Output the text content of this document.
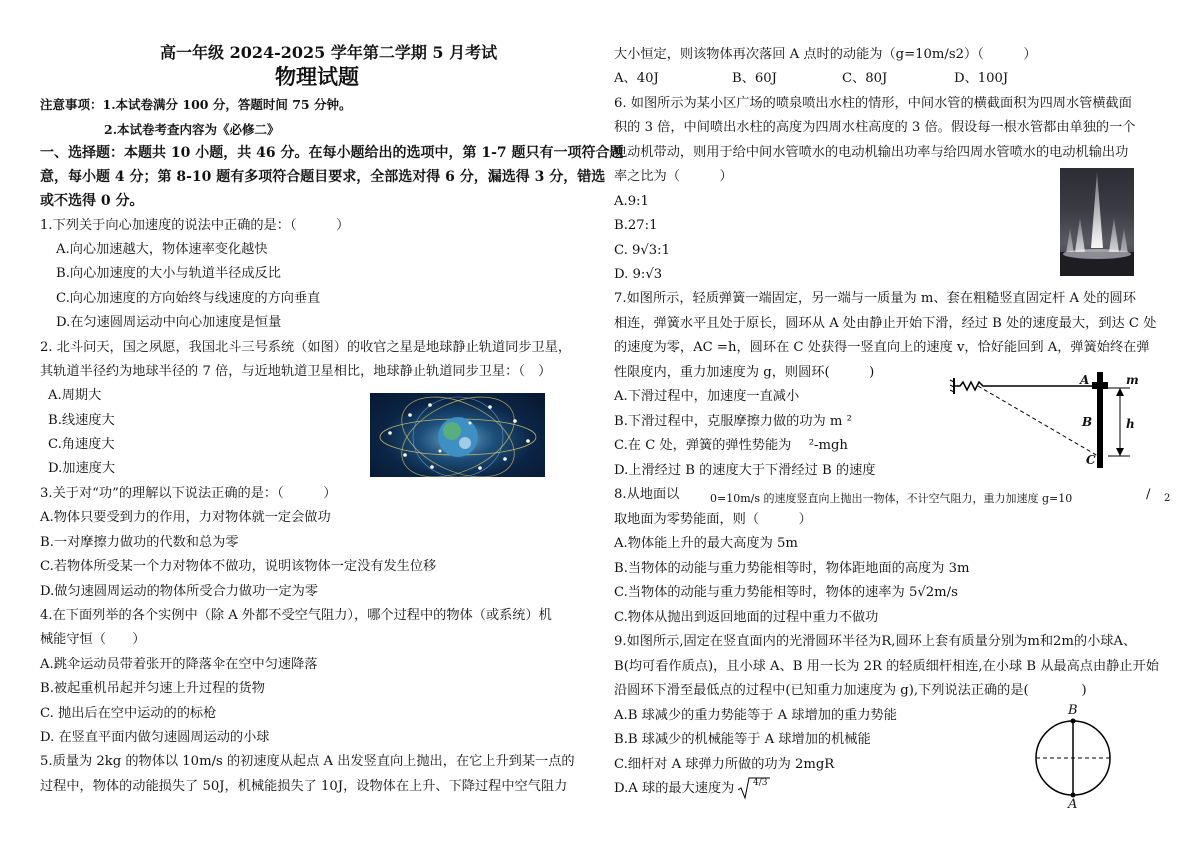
高一年级 2024-2025 学年第二学期 5 月考试
物理试题
注意事项：1.本试卷满分 100 分，答题时间 75 分钟。
2.本试卷考查内容为《必修二》
一、选择题：本题共 10 小题，共 46 分。在每小题给出的选项中，第 1-7 题只有一项符合题
意，每小题 4 分；第 8-10 题有多项符合题目要求，全部选对得 6 分，漏选得 3 分，错选
或不选得 0 分。
1.下列关于向心加速度的说法中正确的是：（　　　）
A.向心加速越大，物体速率变化越快
B.向心加速度的大小与轨道半径成反比
C.向心加速度的方向始终与线速度的方向垂直
D.在匀速圆周运动中向心加速度是恒量
2. 北斗问天，国之夙愿，我国北斗三号系统（如图）的收官之星是地球静止轨道同步卫星，
其轨道半径约为地球半径的 7 倍，与近地轨道卫星相比，地球静止轨道同步卫星：（　）
A.周期大
B.线速度大
C.角速度大
D.加速度大
3.关于对“功”的理解以下说法正确的是：（　　　）
A.物体只要受到力的作用，力对物体就一定会做功
B.一对摩擦力做功的代数和总为零
C.若物体所受某一个力对物体不做功，说明该物体一定没有发生位移
D.做匀速圆周运动的物体所受合力做功一定为零
4.在下面列举的各个实例中（除 A 外都不受空气阻力），哪个过程中的物体（或系统）机
械能守恒（　　）
A.跳伞运动员带着张开的降落伞在空中匀速降落
B.被起重机吊起并匀速上升过程的货物
C. 抛出后在空中运动的的标枪
D. 在竖直平面内做匀速圆周运动的小球
5.质量为 2kg 的物体以 10m/s 的初速度从起点 A 出发竖直向上抛出，在它上升到某一点的
过程中，物体的动能损失了 50J，机械能损失了 10J，设物体在上升、下降过程中空气阻力
大小恒定，则该物体再次落回 A 点时的动能为（g=10m/s2）（　　　）
A、40J	B、60J	C、80J	D、100J
6. 如图所示为某小区广场的喷泉喷出水柱的情形，中间水管的横截面积为四周水管横截面
积的 3 倍，中间喷出水柱的高度为四周水柱高度的 3 倍。假设每一根水管都由单独的一个
电动机带动，则用于给中间水管喷水的电动机输出功率与给四周水管喷水的电动机输出功
率之比为（　　　）
A.9:1
B.27:1
C. 9√3:1
D. 9:√3
7.如图所示，轻质弹簧一端固定，另一端与一质量为 m、套在粗糙竖直固定杆 A 处的圆环
相连，弹簧水平且处于原长，圆环从 A 处由静止开始下滑，经过 B 处的速度最大，到达 C 处
的速度为零，AC =h，圆环在 C 处获得一竖直向上的速度 v，恰好能回到 A，弹簧始终在弹
性限度内，重力加速度为 g，则圆环(　　　)
A.下滑过程中，加速度一直减小
B.下滑过程中，克服摩擦力做的功为 m ²
C.在 C 处，弹簧的弹性势能为　 ²-mgh
D.上滑经过 B 的速度大于下滑经过 B 的速度
m
A
B
C
h
8.从地面以	0=10m/s 的速度竖直向上抛出一物体，不计空气阻力，重力加速度 g=10	/ 2
取地面为零势能面，则（　　　）
A.物体能上升的最大高度为 5m
B.当物体的动能与重力势能相等时，物体距地面的高度为 3m
C.当物体的动能与重力势能相等时，物体的速率为 5√2m/s
C.物体从抛出到返回地面的过程中重力不做功
9.如图所示,固定在竖直面内的光滑圆环半径为R,圆环上套有质量分别为m和2m的小球A、
B(均可看作质点)，且小球 A、B 用一长为 2R 的轻质细杆相连,在小球 B 从最高点由静止开始
沿圆环下滑至最低点的过程中(已知重力加速度为 g),下列说法正确的是(　　　　)
A.B 球减少的重力势能等于 A 球增加的重力势能
B.B 球减少的机械能等于 A 球增加的机械能
C.细杆对 A 球弹力所做的功为 2mgR
D.A 球的最大速度为 4/3
B
A
